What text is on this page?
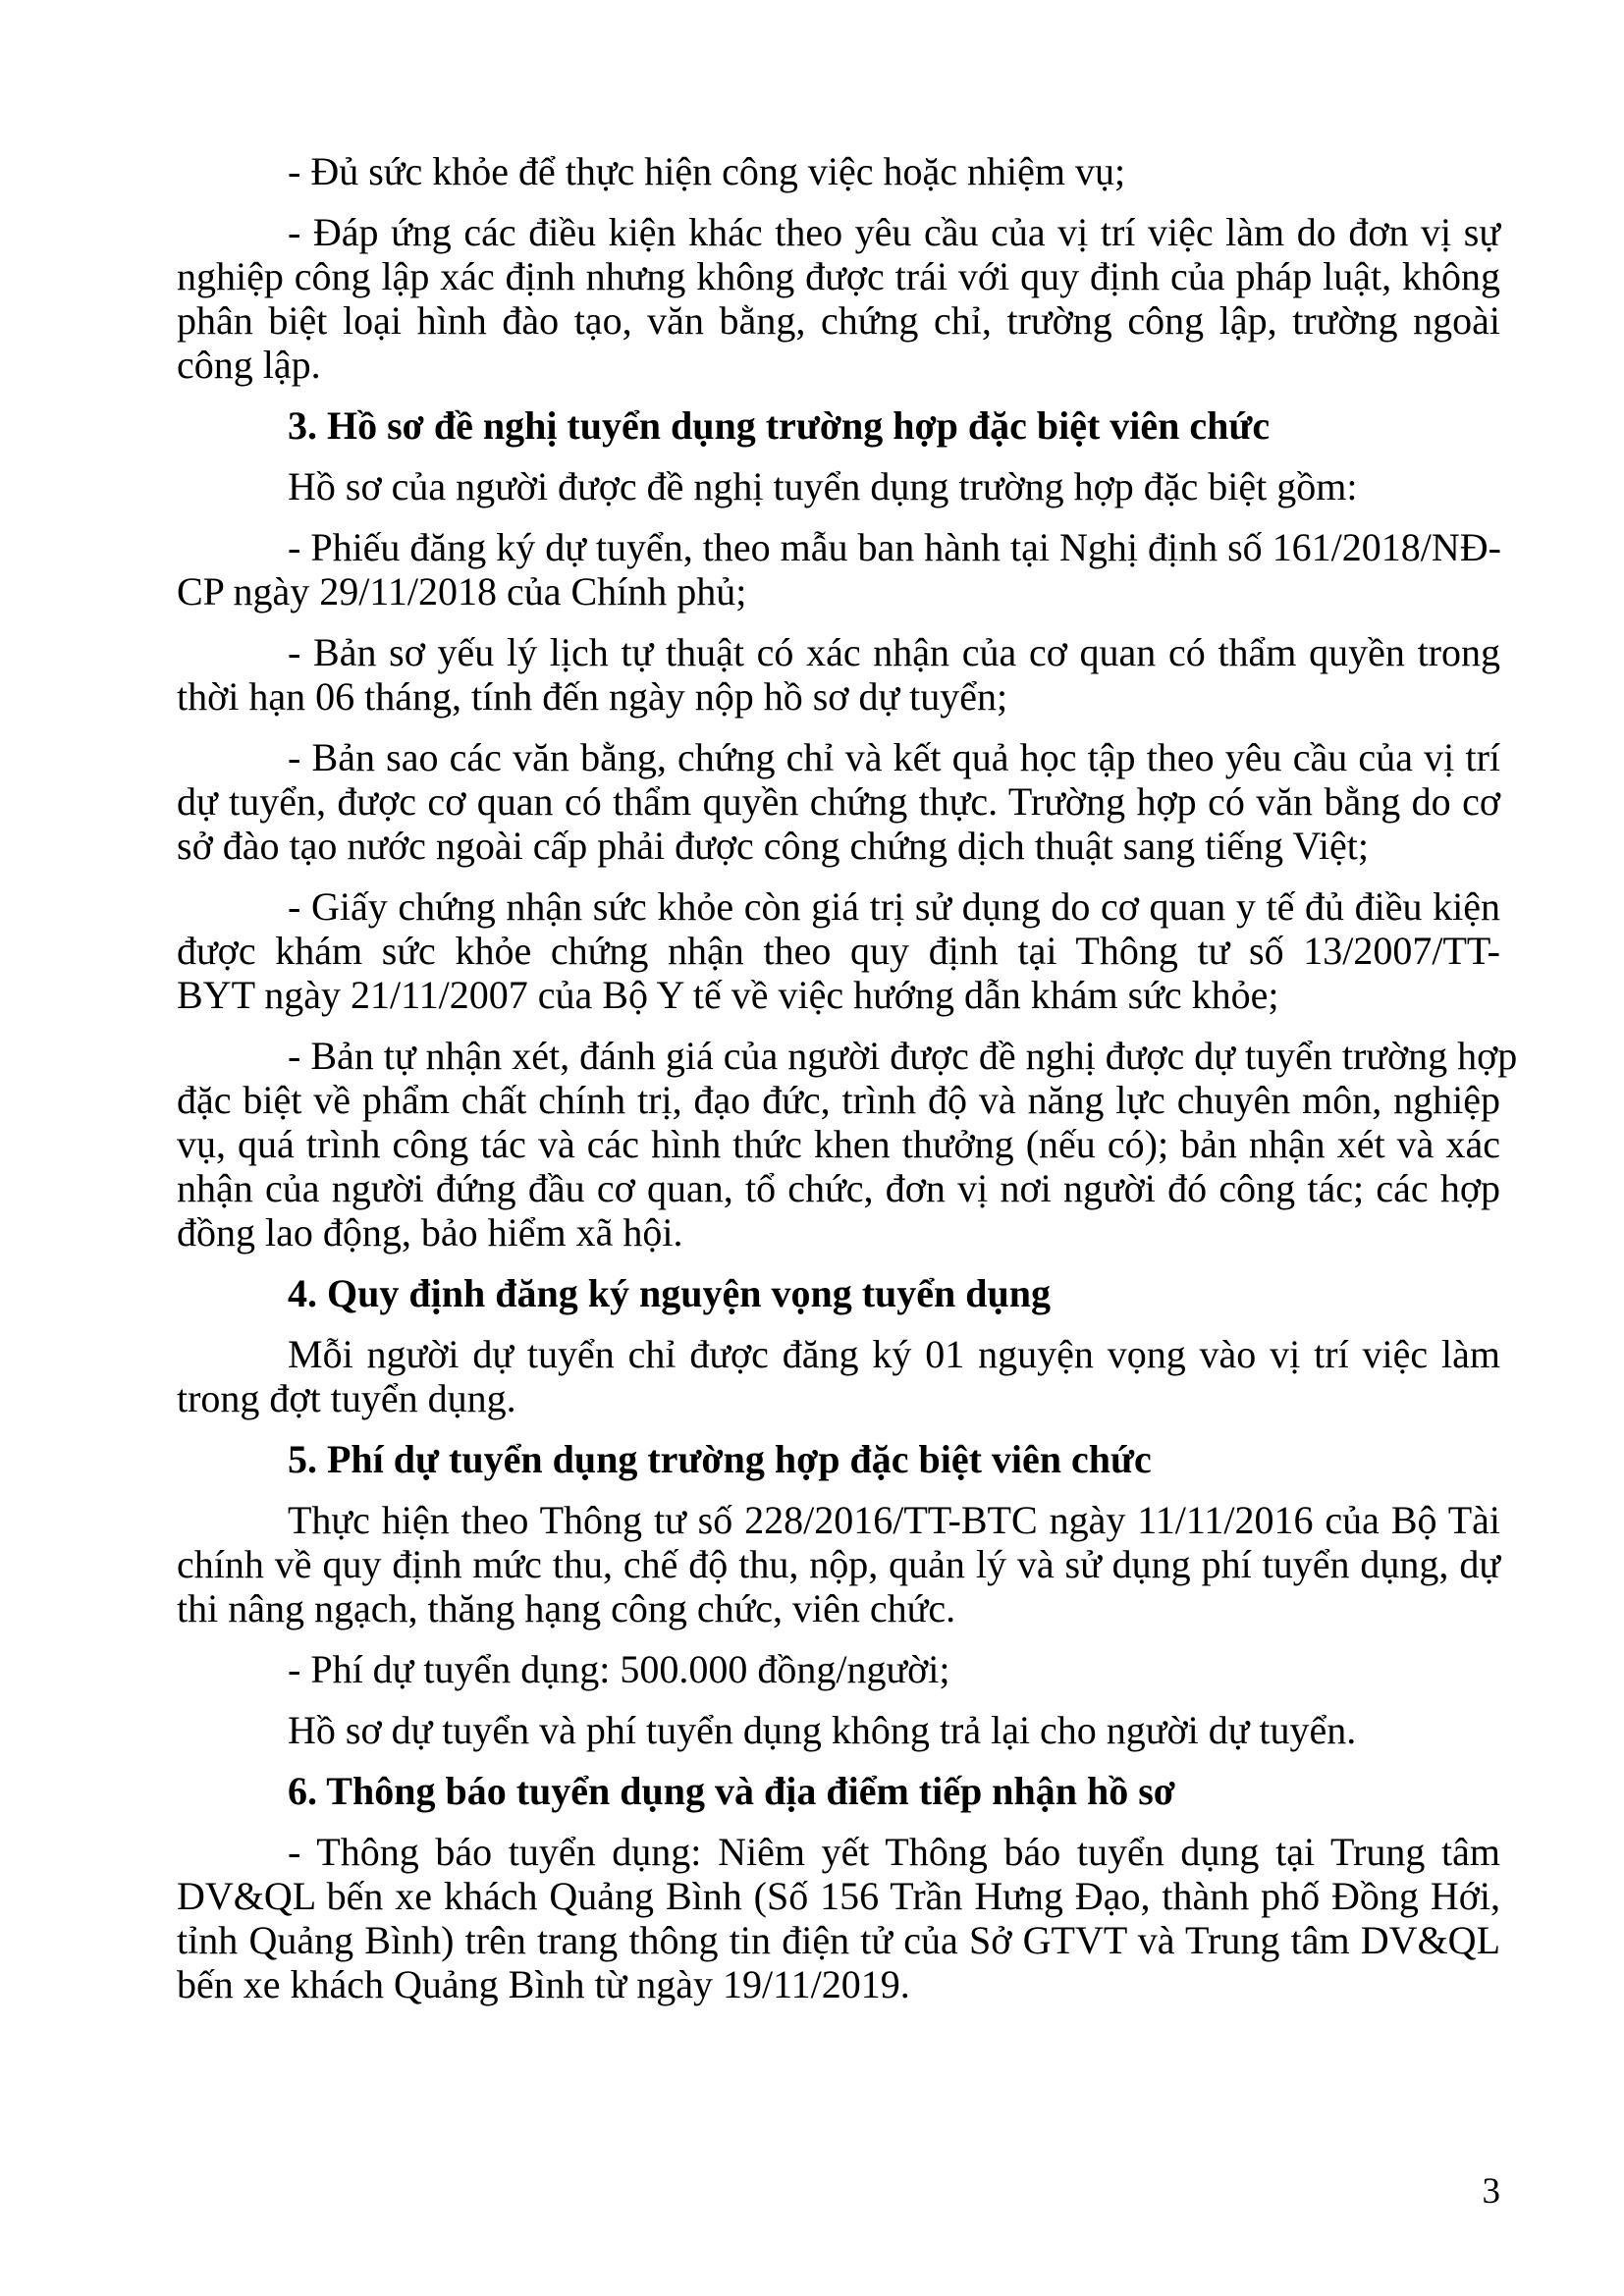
- Đủ sức khỏe để thực hiện công việc hoặc nhiệm vụ;

- Đáp ứng các điều kiện khác theo yêu cầu của vị trí việc làm do đơn vị sự
nghiệp công lập xác định nhưng không được trái với quy định của pháp luật, không
phân biệt loại hình đào tạo, văn bằng, chứng chỉ, trường công lập, trường ngoài
công lập.

3. Hồ sơ đề nghị tuyển dụng trường hợp đặc biệt viên chức

Hồ sơ của người được đề nghị tuyển dụng trường hợp đặc biệt gồm:

- Phiếu đăng ký dự tuyển, theo mẫu ban hành tại Nghị định số 161/2018/NĐ-
CP ngày 29/11/2018 của Chính phủ;

- Bản sơ yếu lý lịch tự thuật có xác nhận của cơ quan có thẩm quyền trong
thời hạn 06 tháng, tính đến ngày nộp hồ sơ dự tuyển;

- Bản sao các văn bằng, chứng chỉ và kết quả học tập theo yêu cầu của vị trí
dự tuyển, được cơ quan có thẩm quyền chứng thực. Trường hợp có văn bằng do cơ
sở đào tạo nước ngoài cấp phải được công chứng dịch thuật sang tiếng Việt;

- Giấy chứng nhận sức khỏe còn giá trị sử dụng do cơ quan y tế đủ điều kiện
được khám sức khỏe chứng nhận theo quy định tại Thông tư số 13/2007/TT-
BYT ngày 21/11/2007 của Bộ Y tế về việc hướng dẫn khám sức khỏe;

- Bản tự nhận xét, đánh giá của người được đề nghị được dự tuyển trường hợp
đặc biệt về phẩm chất chính trị, đạo đức, trình độ và năng lực chuyên môn, nghiệp
vụ, quá trình công tác và các hình thức khen thưởng (nếu có); bản nhận xét và xác
nhận của người đứng đầu cơ quan, tổ chức, đơn vị nơi người đó công tác; các hợp
đồng lao động, bảo hiểm xã hội.

4. Quy định đăng ký nguyện vọng tuyển dụng

Mỗi người dự tuyển chỉ được đăng ký 01 nguyện vọng vào vị trí việc làm
trong đợt tuyển dụng.

5. Phí dự tuyển dụng trường hợp đặc biệt viên chức

Thực hiện theo Thông tư số 228/2016/TT-BTC ngày 11/11/2016 của Bộ Tài
chính về quy định mức thu, chế độ thu, nộp, quản lý và sử dụng phí tuyển dụng, dự
thi nâng ngạch, thăng hạng công chức, viên chức.

- Phí dự tuyển dụng: 500.000 đồng/người;

Hồ sơ dự tuyển và phí tuyển dụng không trả lại cho người dự tuyển.

6. Thông báo tuyển dụng và địa điểm tiếp nhận hồ sơ

- Thông báo tuyển dụng: Niêm yết Thông báo tuyển dụng tại Trung tâm
DV&QL bến xe khách Quảng Bình (Số 156 Trần Hưng Đạo, thành phố Đồng Hới,
tỉnh Quảng Bình) trên trang thông tin điện tử của Sở GTVT và Trung tâm DV&QL
bến xe khách Quảng Bình từ ngày 19/11/2019.

3
